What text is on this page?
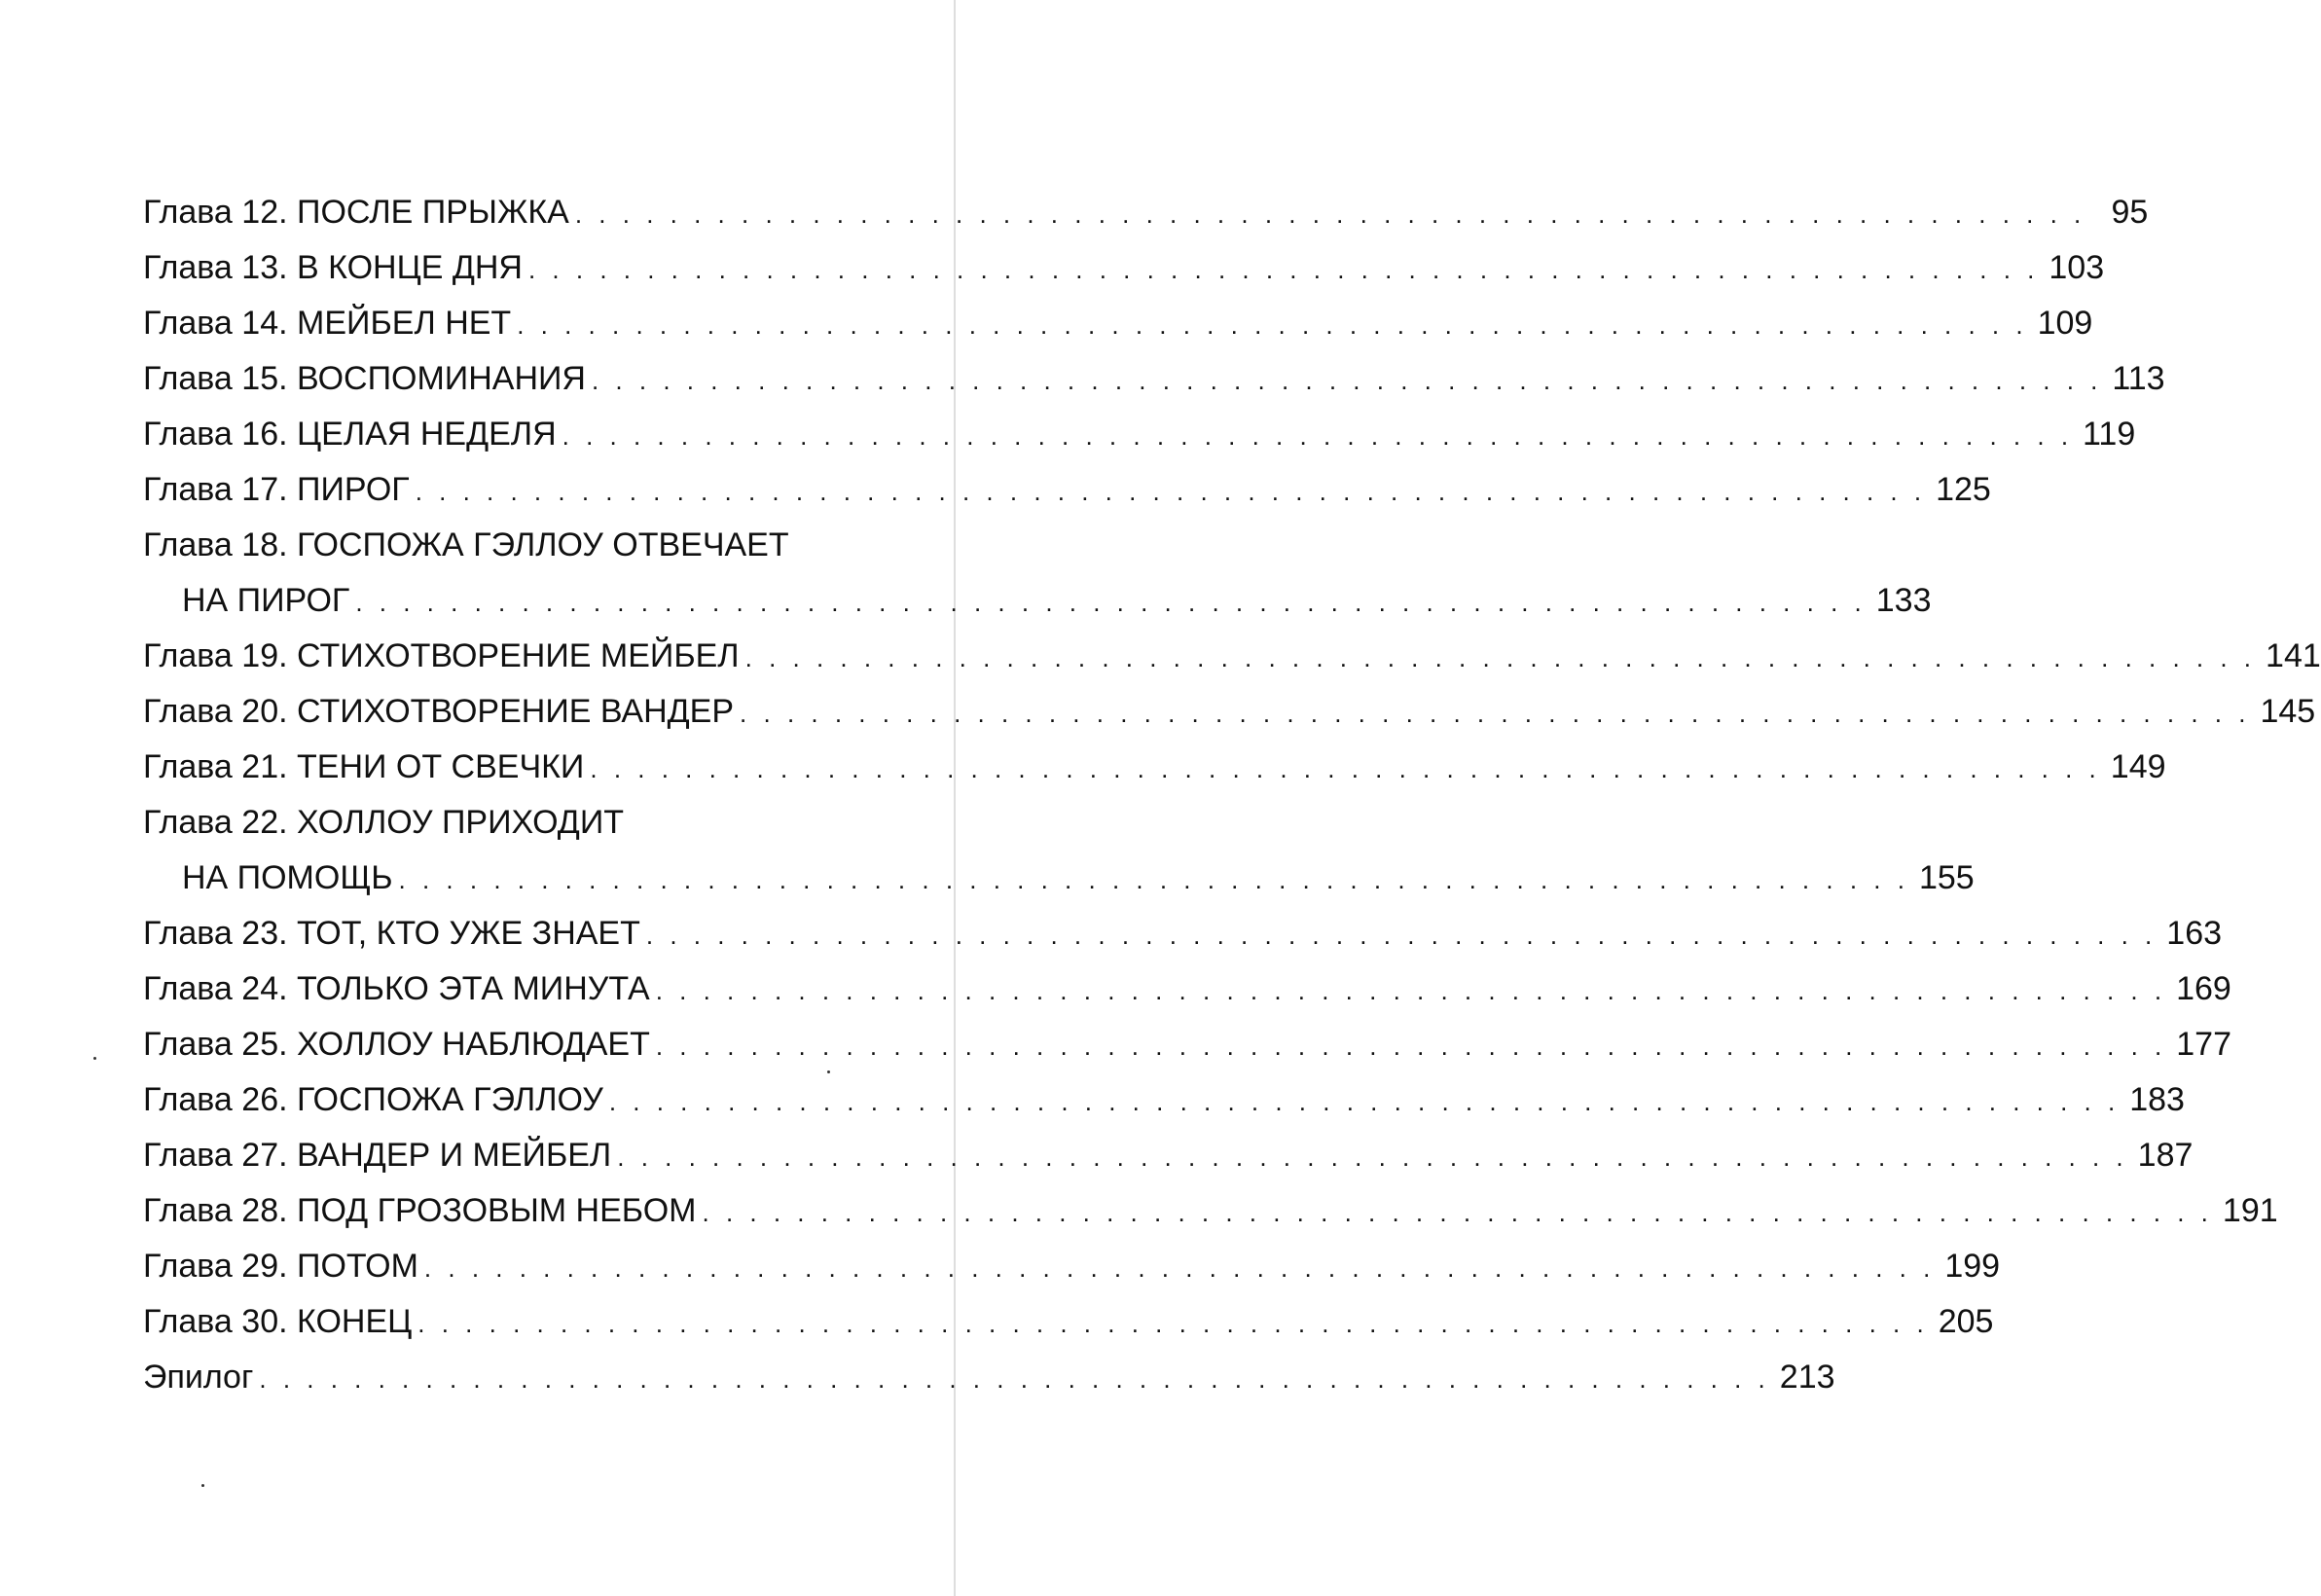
Глава 12. ПОСЛЕ ПРЫЖКА . . . . . . . . . . . . . . . . . . . . . . . . . . . . . . . . . . . . . . . . . . . . . . . . . . . . . . . . . . . . . . . . 95
Глава 13. В КОНЦЕ ДНЯ . . . . . . . . . . . . . . . . . . . . . . . . . . . . . . . . . . . . . . . . . . . . . . . . . . . . . . . . . . . . . . . . 103
Глава 14. МЕЙБЕЛ НЕТ . . . . . . . . . . . . . . . . . . . . . . . . . . . . . . . . . . . . . . . . . . . . . . . . . . . . . . . . . . . . . . . . 109
Глава 15. ВОСПОМИНАНИЯ . . . . . . . . . . . . . . . . . . . . . . . . . . . . . . . . . . . . . . . . . . . . . . . . . . . . . . . . . . . . . . . . 113
Глава 16. ЦЕЛАЯ НЕДЕЛЯ . . . . . . . . . . . . . . . . . . . . . . . . . . . . . . . . . . . . . . . . . . . . . . . . . . . . . . . . . . . . . . . . 119
Глава 17. ПИРОГ . . . . . . . . . . . . . . . . . . . . . . . . . . . . . . . . . . . . . . . . . . . . . . . . . . . . . . . . . . . . . . . . 125
Глава 18. ГОСПОЖА ГЭЛЛОУ ОТВЕЧАЕТ
НА ПИРОГ . . . . . . . . . . . . . . . . . . . . . . . . . . . . . . . . . . . . . . . . . . . . . . . . . . . . . . . . . . . . . . . . 133
Глава 19. СТИХОТВОРЕНИЕ МЕЙБЕЛ . . . . . . . . . . . . . . . . . . . . . . . . . . . . . . . . . . . . . . . . . . . . . . . . . . . . . . . . . . . . . . . . 141
Глава 20. СТИХОТВОРЕНИЕ ВАНДЕР . . . . . . . . . . . . . . . . . . . . . . . . . . . . . . . . . . . . . . . . . . . . . . . . . . . . . . . . . . . . . . . . 145
Глава 21. ТЕНИ ОТ СВЕЧКИ . . . . . . . . . . . . . . . . . . . . . . . . . . . . . . . . . . . . . . . . . . . . . . . . . . . . . . . . . . . . . . . . 149
Глава 22. ХОЛЛОУ ПРИХОДИТ
НА ПОМОЩЬ . . . . . . . . . . . . . . . . . . . . . . . . . . . . . . . . . . . . . . . . . . . . . . . . . . . . . . . . . . . . . . . . 155
Глава 23. ТОТ, КТО УЖЕ ЗНАЕТ . . . . . . . . . . . . . . . . . . . . . . . . . . . . . . . . . . . . . . . . . . . . . . . . . . . . . . . . . . . . . . . . 163
Глава 24. ТОЛЬКО ЭТА МИНУТА . . . . . . . . . . . . . . . . . . . . . . . . . . . . . . . . . . . . . . . . . . . . . . . . . . . . . . . . . . . . . . . . 169
Глава 25. ХОЛЛОУ НАБЛЮДАЕТ . . . . . . . . . . . . . . . . . . . . . . . . . . . . . . . . . . . . . . . . . . . . . . . . . . . . . . . . . . . . . . . . 177
Глава 26. ГОСПОЖА ГЭЛЛОУ . . . . . . . . . . . . . . . . . . . . . . . . . . . . . . . . . . . . . . . . . . . . . . . . . . . . . . . . . . . . . . . . 183
Глава 27. ВАНДЕР И МЕЙБЕЛ . . . . . . . . . . . . . . . . . . . . . . . . . . . . . . . . . . . . . . . . . . . . . . . . . . . . . . . . . . . . . . . . 187
Глава 28. ПОД ГРОЗОВЫМ НЕБОМ . . . . . . . . . . . . . . . . . . . . . . . . . . . . . . . . . . . . . . . . . . . . . . . . . . . . . . . . . . . . . . . . 191
Глава 29. ПОТОМ . . . . . . . . . . . . . . . . . . . . . . . . . . . . . . . . . . . . . . . . . . . . . . . . . . . . . . . . . . . . . . . . 199
Глава 30. КОНЕЦ . . . . . . . . . . . . . . . . . . . . . . . . . . . . . . . . . . . . . . . . . . . . . . . . . . . . . . . . . . . . . . . . 205
Эпилог . . . . . . . . . . . . . . . . . . . . . . . . . . . . . . . . . . . . . . . . . . . . . . . . . . . . . . . . . . . . . . . . 213
